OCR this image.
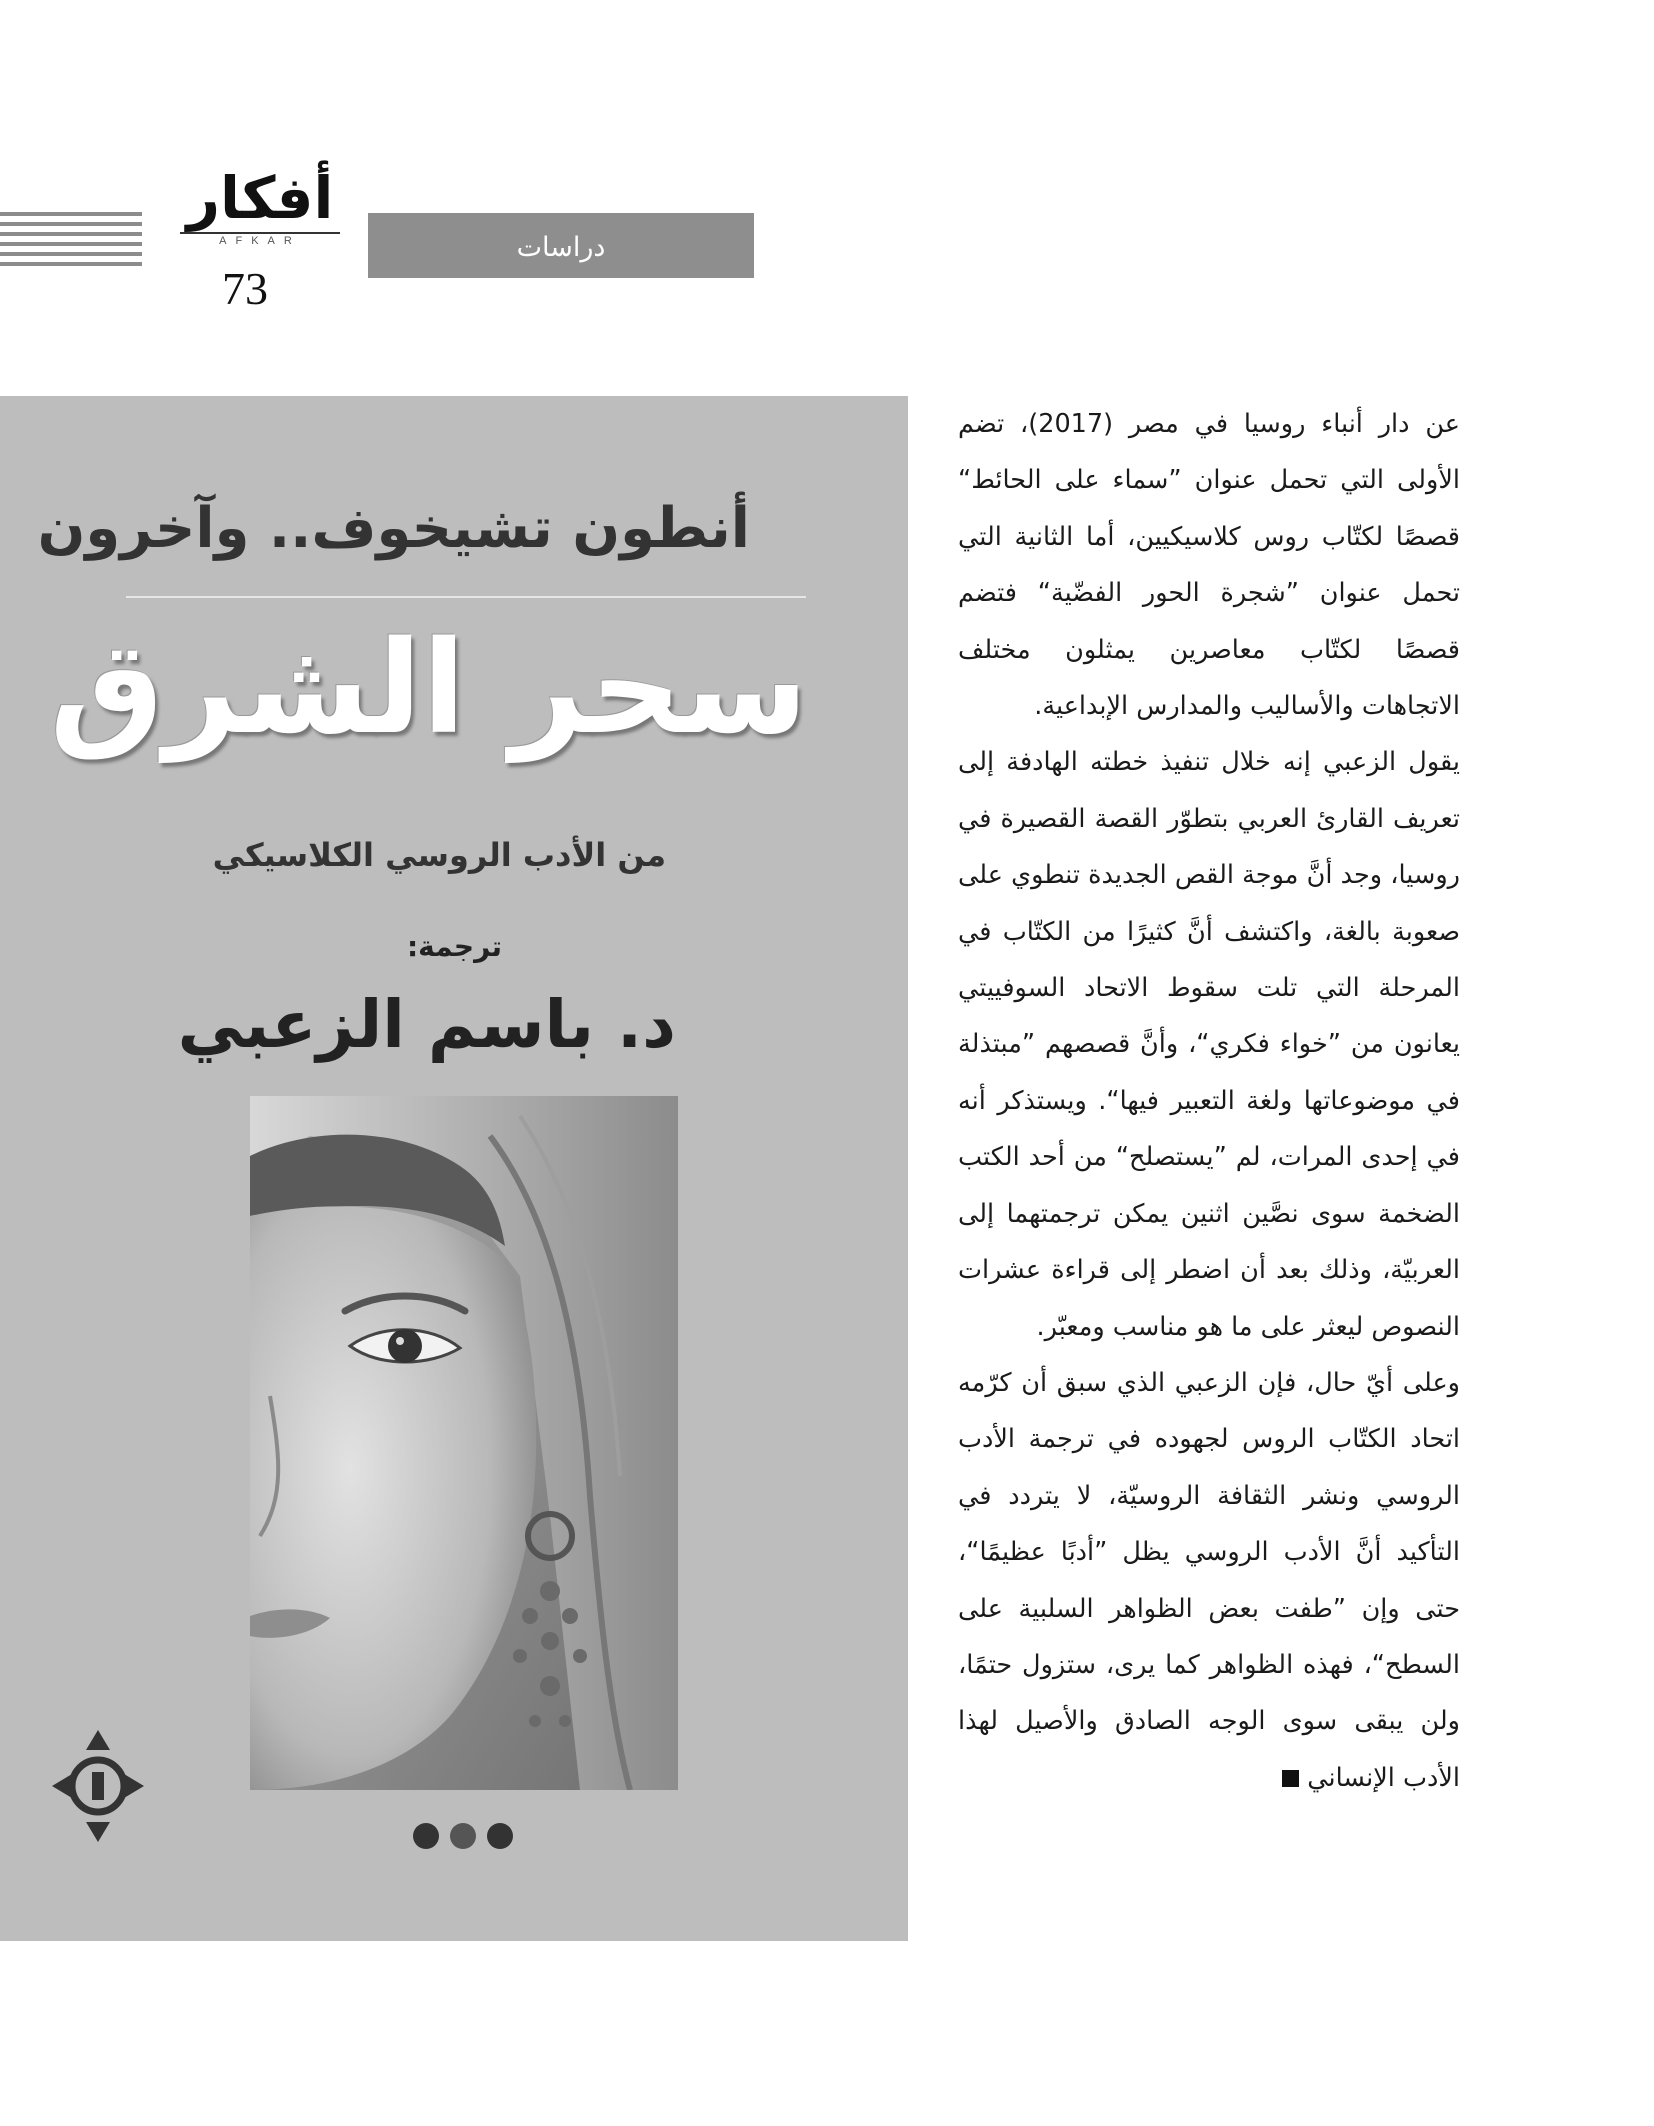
أفكار
AFKAR
73
دراسات
أنطون تشيخوف.. وآخرون
سحر الشرق
من الأدب الروسي الكلاسيكي
ترجمة:
د. باسم الزعبي

عن دار أنباء روسيا في مصر (2017)، تضم الأولى التي تحمل عنوان ”سماء على الحائط“ قصصًا لكتّاب روس كلاسيكيين، أما الثانية التي تحمل عنوان ”شجرة الحور الفضّية“ فتضم قصصًا لكتّاب معاصرين يمثلون مختلف الاتجاهات والأساليب والمدارس الإبداعية.

يقول الزعبي إنه خلال تنفيذ خطته الهادفة إلى تعريف القارئ العربي بتطوّر القصة القصيرة في روسيا، وجد أنَّ موجة القص الجديدة تنطوي على صعوبة بالغة، واكتشف أنَّ كثيرًا من الكتّاب في المرحلة التي تلت سقوط الاتحاد السوفييتي يعانون من ”خواء فكري“، وأنَّ قصصهم ”مبتذلة في موضوعاتها ولغة التعبير فيها“. ويستذكر أنه في إحدى المرات، لم ”يستصلح“ من أحد الكتب الضخمة سوى نصَّين اثنين يمكن ترجمتهما إلى العربيّة، وذلك بعد أن اضطر إلى قراءة عشرات النصوص ليعثر على ما هو مناسب ومعبّر.

وعلى أيّ حال، فإن الزعبي الذي سبق أن كرّمه اتحاد الكتّاب الروس لجهوده في ترجمة الأدب الروسي ونشر الثقافة الروسيّة، لا يتردد في التأكيد أنَّ الأدب الروسي يظل ”أدبًا عظيمًا“، حتى وإن ”طفت بعض الظواهر السلبية على السطح“، فهذه الظواهر كما يرى، ستزول حتمًا، ولن يبقى سوى الوجه الصادق والأصيل لهذا الأدب الإنساني
